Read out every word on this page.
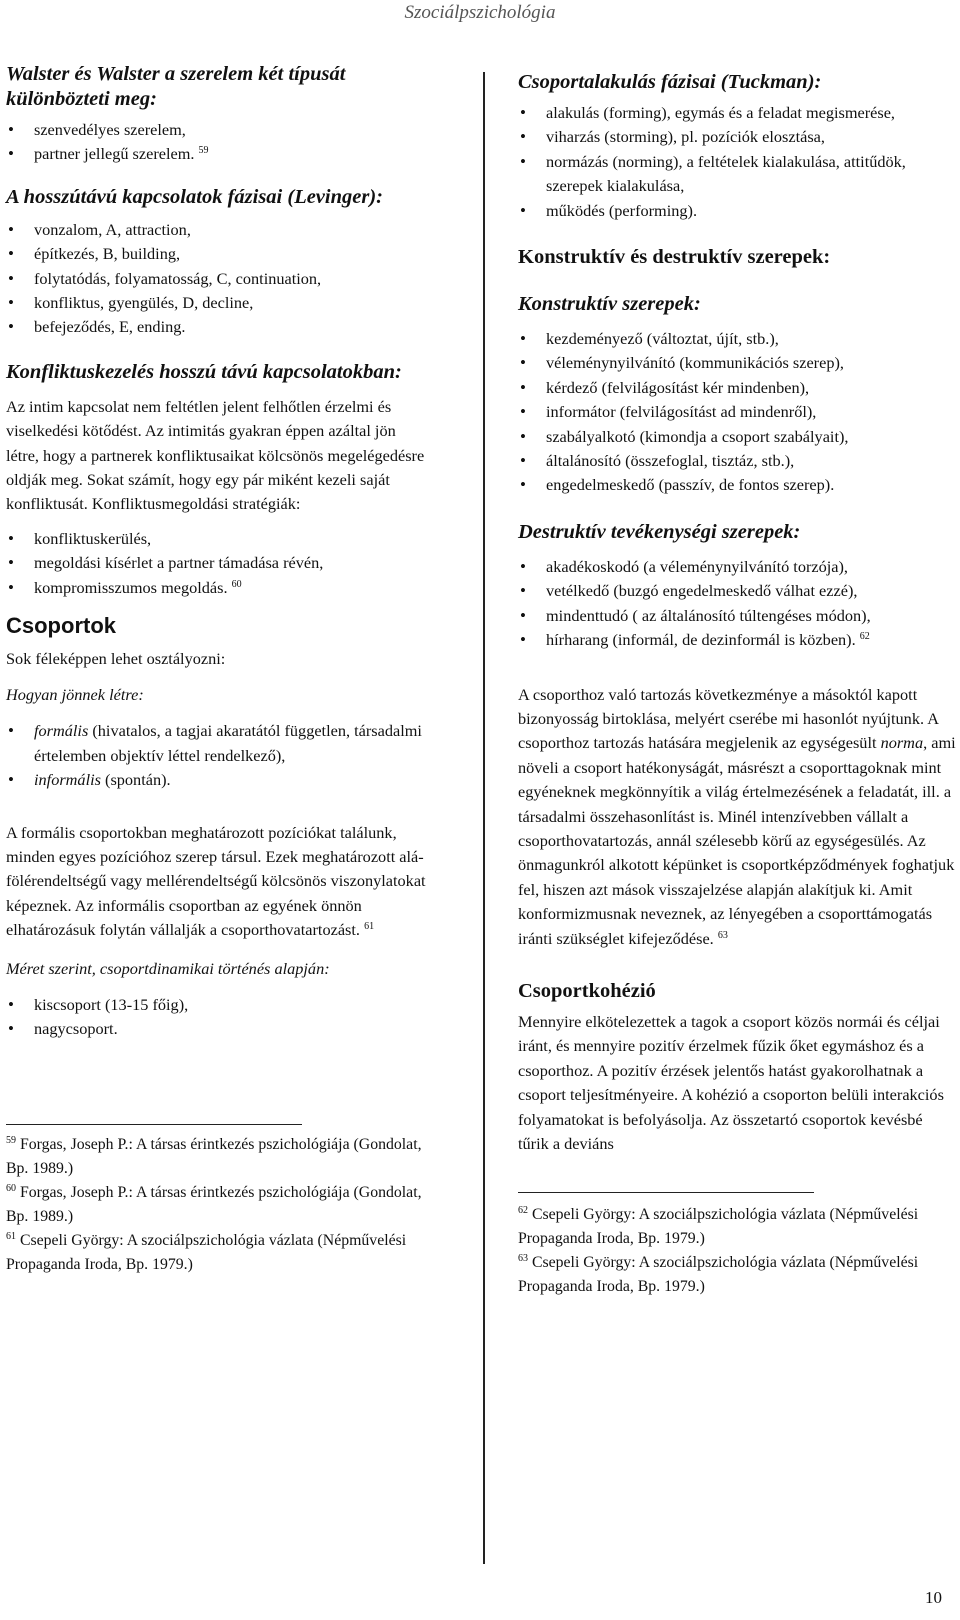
Szociálpszichológia

Walster és Walster a szerelem két típusát különbözteti meg:

• szenvedélyes szerelem,
• partner jellegű szerelem. $^{59}$

A hosszútávú kapcsolatok fázisai (Levinger):

• vonzalom, A, attraction,
• építkezés, B, building,
• folytatódás, folyamatosság, C, continuation,
• konfliktus, gyengülés, D, decline,
• befejeződés, E, ending.

Konfliktuskezelés hosszú távú kapcsolatokban:

Az intim kapcsolat nem feltétlen jelent felhőtlen érzelmi és viselkedési kötődést. Az intimitás gyakran éppen azáltal jön létre, hogy a partnerek konfliktusaikat kölcsönös megelégedésre oldják meg. Sokat számít, hogy egy pár miként kezeli saját konfliktusát. Konfliktusmegoldási stratégiák:

• konfliktuskerülés,
• megoldási kísérlet a partner támadása révén,
• kompromisszumos megoldás. $^{60}$

Csoportok

Sok féleképpen lehet osztályozni:

Hogyan jönnek létre:

• formális (hivatalos, a tagjai akaratától független, társadalmi értelemben objektív léttel rendelkező),
• informális (spontán).

A formális csoportokban meghatározott pozíciókat találunk, minden egyes pozícióhoz szerep társul. Ezek meghatározott alá-fölérendeltségű vagy mellérendeltségű kölcsönös viszonylatokat képeznek. Az informális csoportban az egyének önnön elhatározásuk folytán vállalják a csoporthovatartozást. $^{61}$

Méret szerint, csoportdinamikai történés alapján:

• kiscsoport (13-15 főig),
• nagycsoport.

$^{59}$ Forgas, Joseph P.: A társas érintkezés pszichológiája (Gondolat, Bp. 1989.)

$^{60}$ Forgas, Joseph P.: A társas érintkezés pszichológiája (Gondolat, Bp. 1989.)

$^{61}$ Csepeli György: A szociálpszichológia vázlata (Népművelési Propaganda Iroda, Bp. 1979.)

Csoportalakulás fázisai (Tuckman):

• alakulás (forming), egymás és a feladat megismerése,
• viharzás (storming), pl. pozíciók elosztása,
• normázás (norming), a feltételek kialakulása, attitűdök, szerepek kialakulása,
• működés (performing).

Konstruktív és destruktív szerepek:

Konstruktív szerepek:

• kezdeményező (változtat, újít, stb.),
• véleménynyilvánító (kommunikációs szerep),
• kérdező (felvilágosítást kér mindenben),
• informátor (felvilágosítást ad mindenről),
• szabályalkotó (kimondja a csoport szabályait),
• általánosító (összefoglal, tisztáz, stb.),
• engedelmeskedő (passzív, de fontos szerep).

Destruktív tevékenységi szerepek:

• akadékoskodó (a véleménynyilvánító torzója),
• vetélkedő (buzgó engedelmeskedő válhat ezzé),
• mindenttudó ( az általánosító túltengéses módon),
• hírharang (informál, de dezinformál is közben). $^{62}$

A csoporthoz való tartozás következménye a másoktól kapott bizonyosság birtoklása, melyért cserébe mi hasonlót nyújtunk. A csoporthoz tartozás hatására megjelenik az egységesült norma, ami növeli a csoport hatékonyságát, másrészt a csoporttagoknak mint egyéneknek megkönnyítik a világ értelmezésének a feladatát, ill. a társadalmi összehasonlítást is. Minél intenzívebben vállalt a csoporthovatartozás, annál szélesebb körű az egységesülés. Az önmagunkról alkotott képünket is csoportképződmények foghatjuk fel, hiszen azt mások visszajelzése alapján alakítjuk ki. Amit konformizmusnak neveznek, az lényegében a csoporttámogatás iránti szükséglet kifejeződése. $^{63}$

Csoportkohézió

Mennyire elkötelezettek a tagok a csoport közös normái és céljai iránt, és mennyire pozitív érzelmek fűzik őket egymáshoz és a csoporthoz. A pozitív érzések jelentős hatást gyakorolhatnak a csoport teljesítményeire. A kohézió a csoporton belüli interakciós folyamatokat is befolyásolja. Az összetartó csoportok kevésbé tűrik a deviáns

$^{62}$ Csepeli György: A szociálpszichológia vázlata (Népművelési Propaganda Iroda, Bp. 1979.)

$^{63}$ Csepeli György: A szociálpszichológia vázlata (Népművelési Propaganda Iroda, Bp. 1979.)

10
